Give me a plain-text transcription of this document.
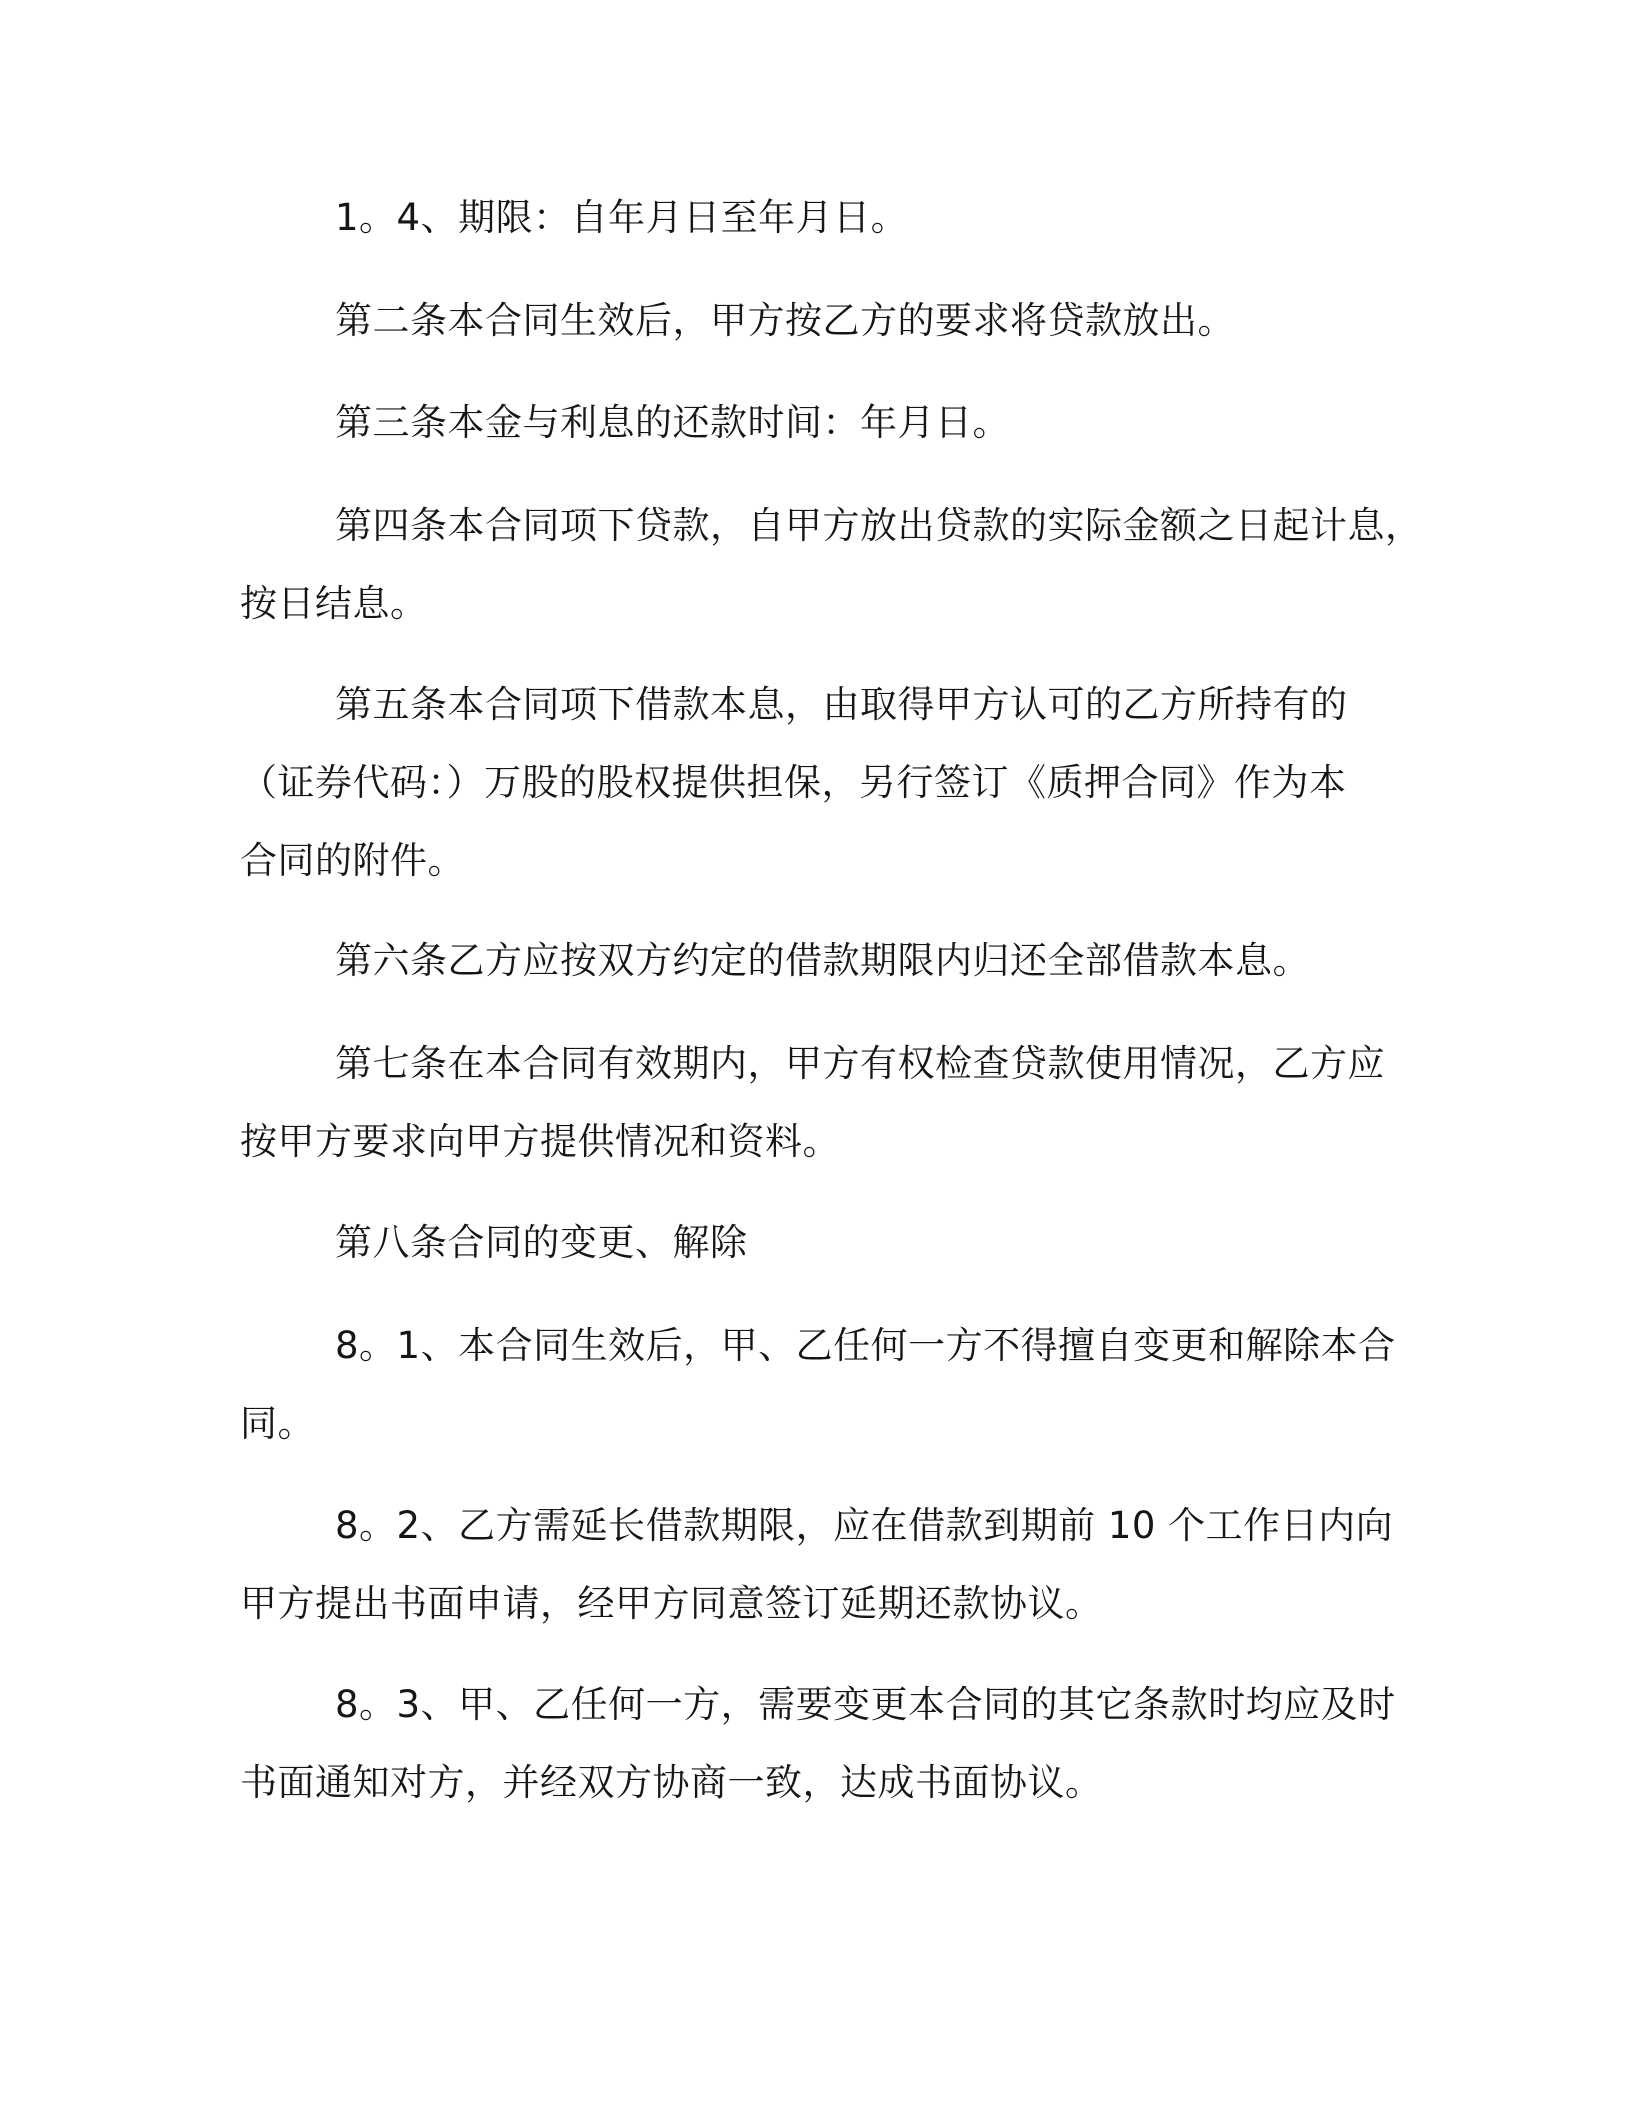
1。4、期限：自年月日至年月日。
第二条本合同生效后，甲方按乙方的要求将贷款放出。
第三条本金与利息的还款时间：年月日。
第四条本合同项下贷款，自甲方放出贷款的实际金额之日起计息，
按日结息。
第五条本合同项下借款本息，由取得甲方认可的乙方所持有的
（证券代码：）万股的股权提供担保，另行签订《质押合同》作为本
合同的附件。
第六条乙方应按双方约定的借款期限内归还全部借款本息。
第七条在本合同有效期内，甲方有权检查贷款使用情况，乙方应
按甲方要求向甲方提供情况和资料。
第八条合同的变更、解除
8。1、本合同生效后，甲、乙任何一方不得擅自变更和解除本合
同。
8。2、乙方需延长借款期限，应在借款到期前 10 个工作日内向
甲方提出书面申请，经甲方同意签订延期还款协议。
8。3、甲、乙任何一方，需要变更本合同的其它条款时均应及时
书面通知对方，并经双方协商一致，达成书面协议。
